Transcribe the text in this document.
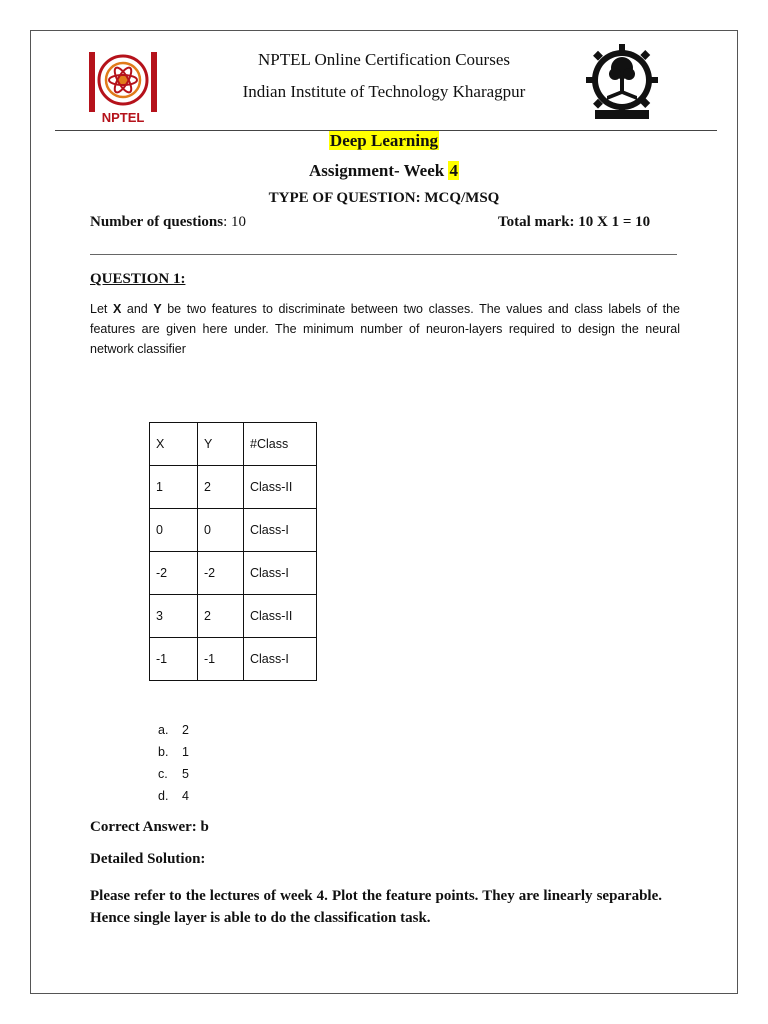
NPTEL
NPTEL Online Certification Courses
Indian Institute of Technology Kharagpur
Deep Learning
Assignment- Week 4
TYPE OF QUESTION: MCQ/MSQ
Number of questions: 10	Total mark: 10 X 1 = 10
QUESTION 1:

Let X and Y be two features to discriminate between two classes. The values and class labels of the features are given here under. The minimum number of neuron-layers required to design the neural network classifier

X	Y	#Class
1	2	Class-II
0	0	Class-I
-2	-2	Class-I
3	2	Class-II
-1	-1	Class-I
a.	2
b.	1
c.	5
d.	4
Correct Answer: b
Detailed Solution:
Please refer to the lectures of week 4. Plot the feature points. They are linearly separable. Hence single layer is able to do the classification task.
